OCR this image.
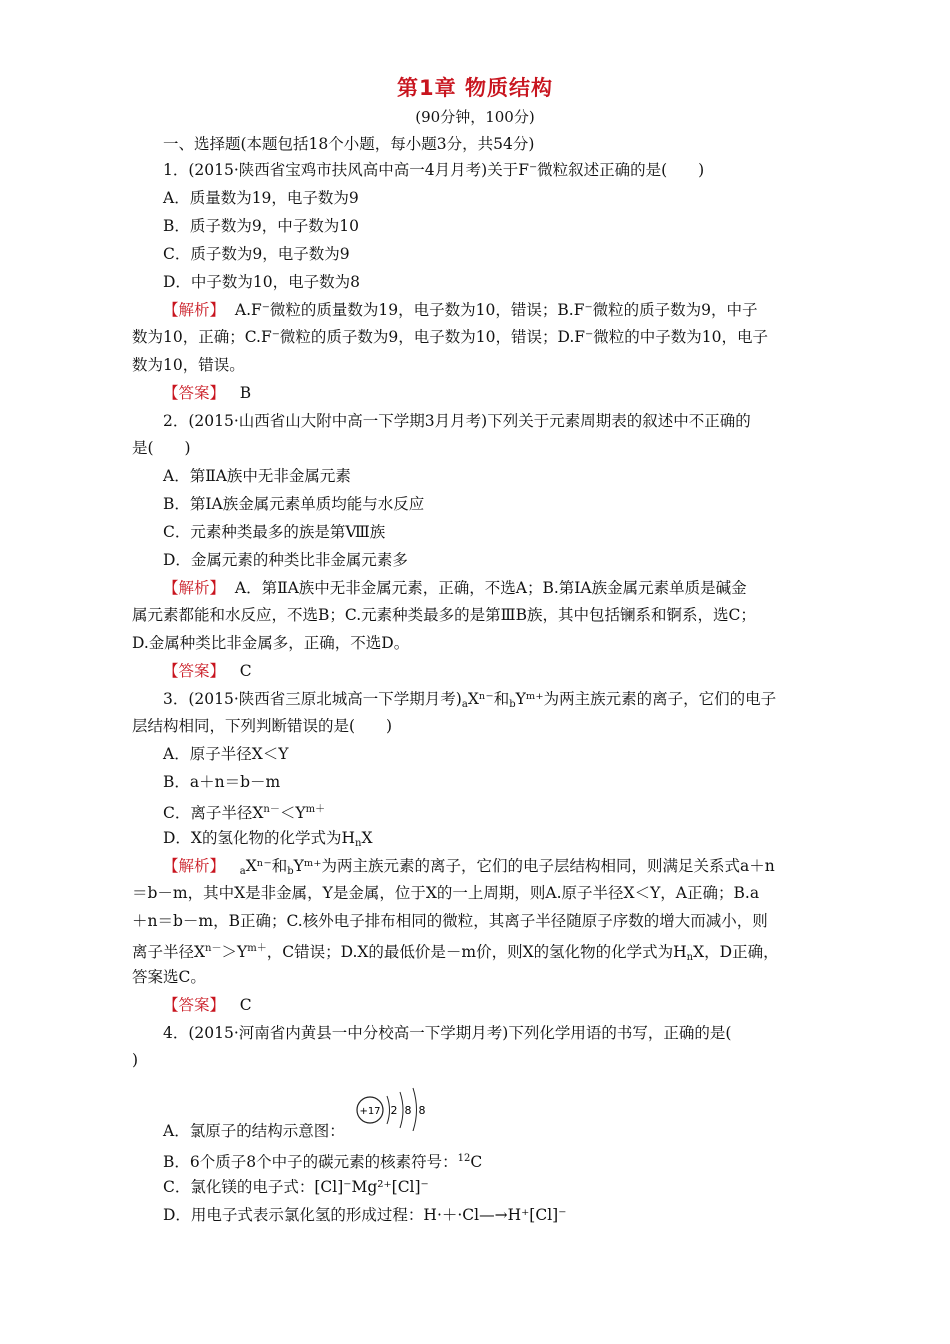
第1章 物质结构
(90分钟，100分)
一、选择题(本题包括18个小题，每小题3分，共54分)
1．(2015·陕西省宝鸡市扶风高中高一4月月考)关于F⁻微粒叙述正确的是(　　)
A．质量数为19，电子数为9
B．质子数为9，中子数为10
C．质子数为9，电子数为9
D．中子数为10，电子数为8
【解析】 A.F⁻微粒的质量数为19，电子数为10，错误；B.F⁻微粒的质子数为9，中子
数为10，正确；C.F⁻微粒的质子数为9，电子数为10，错误；D.F⁻微粒的中子数为10，电子
数为10，错误。
【答案】 B
2．(2015·山西省山大附中高一下学期3月月考)下列关于元素周期表的叙述中不正确的
是(　　)
A．第ⅡA族中无非金属元素
B．第ⅠA族金属元素单质均能与水反应
C．元素种类最多的族是第Ⅷ族
D．金属元素的种类比非金属元素多
【解析】 A．第ⅡA族中无非金属元素，正确，不选A；B.第ⅠA族金属元素单质是碱金
属元素都能和水反应，不选B；C.元素种类最多的是第ⅢB族，其中包括镧系和锕系，选C；
D.金属种类比非金属多，正确，不选D。
【答案】 C
3．(2015·陕西省三原北城高一下学期月考)$_aX^{n-}$和$_b$Yᵐ⁺为两主族元素的离子，它们的电子
层结构相同，下列判断错误的是(　　)
A．原子半径X＜Y
B．a＋n＝b－m
C．离子半径$X^{n-}<Y^{m+}$
D．X的氢化物的化学式为$H_nX$
【解析】 $_a$Xⁿ⁻和$_b$Yᵐ⁺为两主族元素的离子，它们的电子层结构相同，则满足关系式a＋n
＝b－m，其中X是非金属，Y是金属，位于X的一上周期，则A.原子半径X＜Y，A正确；B.a
＋n＝b－m，B正确；C.核外电子排布相同的微粒，其离子半径随原子序数的增大而减小，则
离子半径$X^{n-}>Y^{m+}$，C错误；D.X的最低价是－m价，则X的氢化物的化学式为$H_nX$，D正确，
答案选C。
【答案】 C
4．(2015·河南省内黄县一中分校高一下学期月考)下列化学用语的书写，正确的是(
)
+17 2 8 8
A．氯原子的结构示意图：
B．6个质子8个中子的碳元素的核素符号：$^{12}$C
C．氯化镁的电子式：[Cl]⁻Mg²⁺[Cl]⁻
D．用电子式表示氯化氢的形成过程：H·＋·Cl—→H⁺[Cl]⁻
